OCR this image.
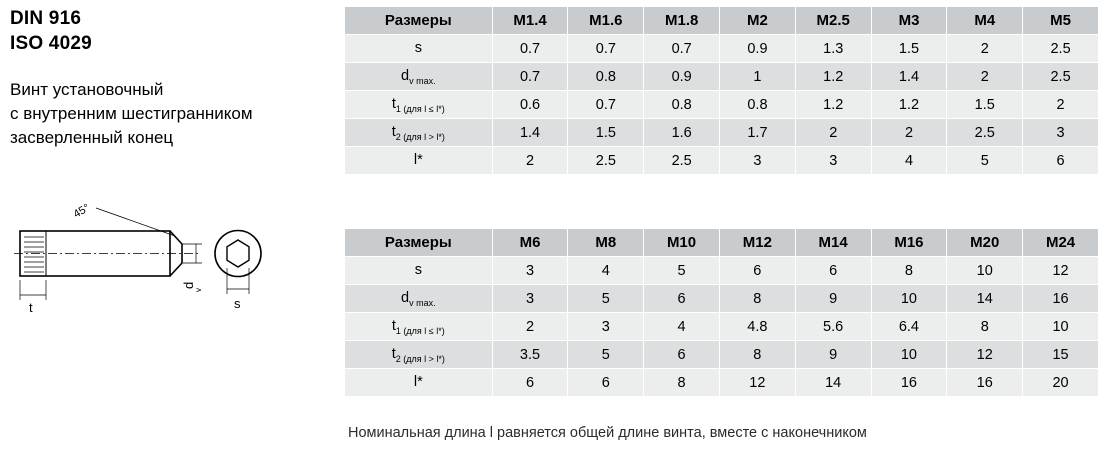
DIN 916
ISO 4029
Винт установочный
с внутренним шестигранником
засверленный конец
45°
t
d
v
s
Размеры	M1.4	M1.6	M1.8	M2	M2.5	M3	M4	M5
s	0.7	0.7	0.7	0.9	1.3	1.5	2	2.5
$d_{v max.}$	0.7	0.8	0.9	1	1.2	1.4	2	2.5
$t_{1 (для l \le l*)}$	0.6	0.7	0.8	0.8	1.2	1.2	1.5	2
$t_{2 (для l > l*)}$	1.4	1.5	1.6	1.7	2	2	2.5	3
l*	2	2.5	2.5	3	3	4	5	6
Размеры	M6	M8	M10	M12	M14	M16	M20	M24
s	3	4	5	6	6	8	10	12
$d_{v max.}$	3	5	6	8	9	10	14	16
$t_{1 (для l \le l*)}$	2	3	4	4.8	5.6	6.4	8	10
$t_{2 (для l > l*)}$	3.5	5	6	8	9	10	12	15
l*	6	6	8	12	14	16	16	20
Номинальная длина l равняется общей длине винта, вместе с наконечником
